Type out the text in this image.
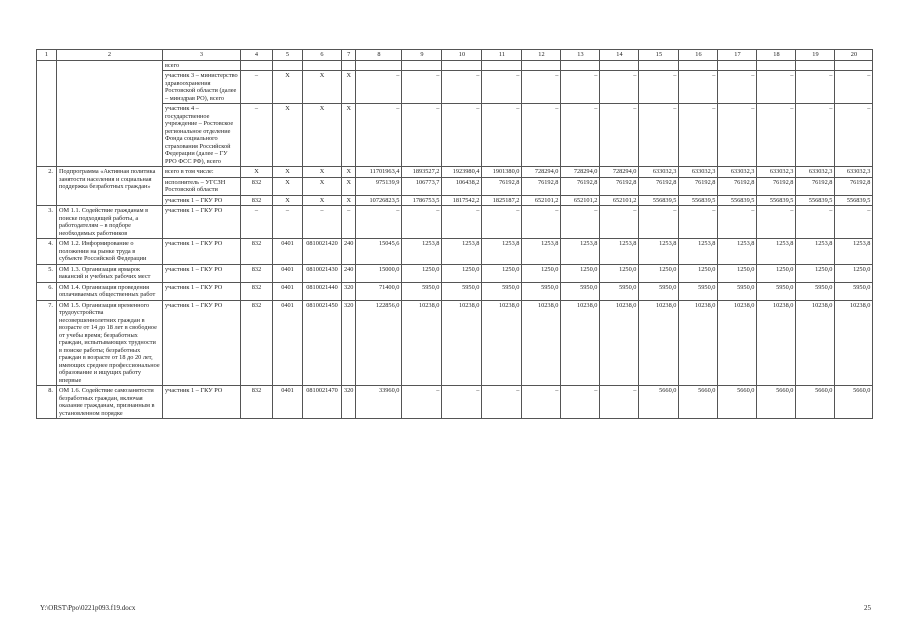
1	2	3	4	5	6	7	8	9	10	11	12	13	14	15	16	17	18	19	20
		всего																	
		участник 3 – министерство здравоохранения Ростовской области (далее – минздрав РО), всего	–	X	X	X	–	–	–	–	–	–	–	–	–	–	–	–	–
		участник 4 – государственное учреждение – Ростовское региональное отделение Фонда социального страхования Российской Федерации (далее – ГУ РРО ФСС РФ), всего	–	X	X	X	–	–	–	–	–	–	–	–	–	–	–	–	–
2.	Подпрограмма «Активная политика занятости населения и социальная поддержка безработных граждан»	всего в том числе:	X	X	X	X	11701963,4	1893527,2	1923980,4	1901380,0	728294,0	728294,0	728294,0	633032,3	633032,3	633032,3	633032,3	633032,3	633032,3
		исполнитель – УГСЗН Ростовской области	832	X	X	X	975139,9	106773,7	106438,2	76192,8	76192,8	76192,8	76192,8	76192,8	76192,8	76192,8	76192,8	76192,8	76192,8
		участник 1 – ГКУ РО	832	X	X	X	10726823,5	1786753,5	1817542,2	1825187,2	652101,2	652101,2	652101,2	556839,5	556839,5	556839,5	556839,5	556839,5	556839,5
3.	ОМ 1.1. Содействие гражданам в поиске подходящей работы, а работодателям – в подборе необходимых работников	участник 1 – ГКУ РО	–	–	–	–	–	–	–	–	–	–	–	–	–	–	–	–	–
4.	ОМ 1.2. Информирование о положении на рынке труда в субъекте Российской Федерации	участник 1 – ГКУ РО	832	0401	0810021420	240	15045,6	1253,8	1253,8	1253,8	1253,8	1253,8	1253,8	1253,8	1253,8	1253,8	1253,8	1253,8	1253,8
5.	ОМ 1.3. Организация ярмарок вакансий и учебных рабочих мест	участник 1 – ГКУ РО	832	0401	0810021430	240	15000,0	1250,0	1250,0	1250,0	1250,0	1250,0	1250,0	1250,0	1250,0	1250,0	1250,0	1250,0	1250,0
6.	ОМ 1.4. Организация проведения оплачиваемых общественных работ	участник 1 – ГКУ РО	832	0401	0810021440	320	71400,0	5950,0	5950,0	5950,0	5950,0	5950,0	5950,0	5950,0	5950,0	5950,0	5950,0	5950,0	5950,0
7.	ОМ 1.5. Организация временного трудоустройства несовершеннолетних граждан в возрасте от 14 до 18 лет в свободное от учебы время; безработных граждан, испытывающих трудности в поиске работы; безработных граждан в возрасте от 18 до 20 лет, имеющих среднее профессиональное образование и ищущих работу впервые	участник 1 – ГКУ РО	832	0401	0810021450	320	122856,0	10238,0	10238,0	10238,0	10238,0	10238,0	10238,0	10238,0	10238,0	10238,0	10238,0	10238,0	10238,0
8.	ОМ 1.6. Содействие самозанятости безработных граждан, включая оказание гражданам, признанным в установленном порядке	участник 1 – ГКУ РО	832	0401	0810021470	320	33960,0	–	–	–	–	–	–	5660,0	5660,0	5660,0	5660,0	5660,0	5660,0
Y:\ORST\Ppo\0221p093.f19.docx	25
